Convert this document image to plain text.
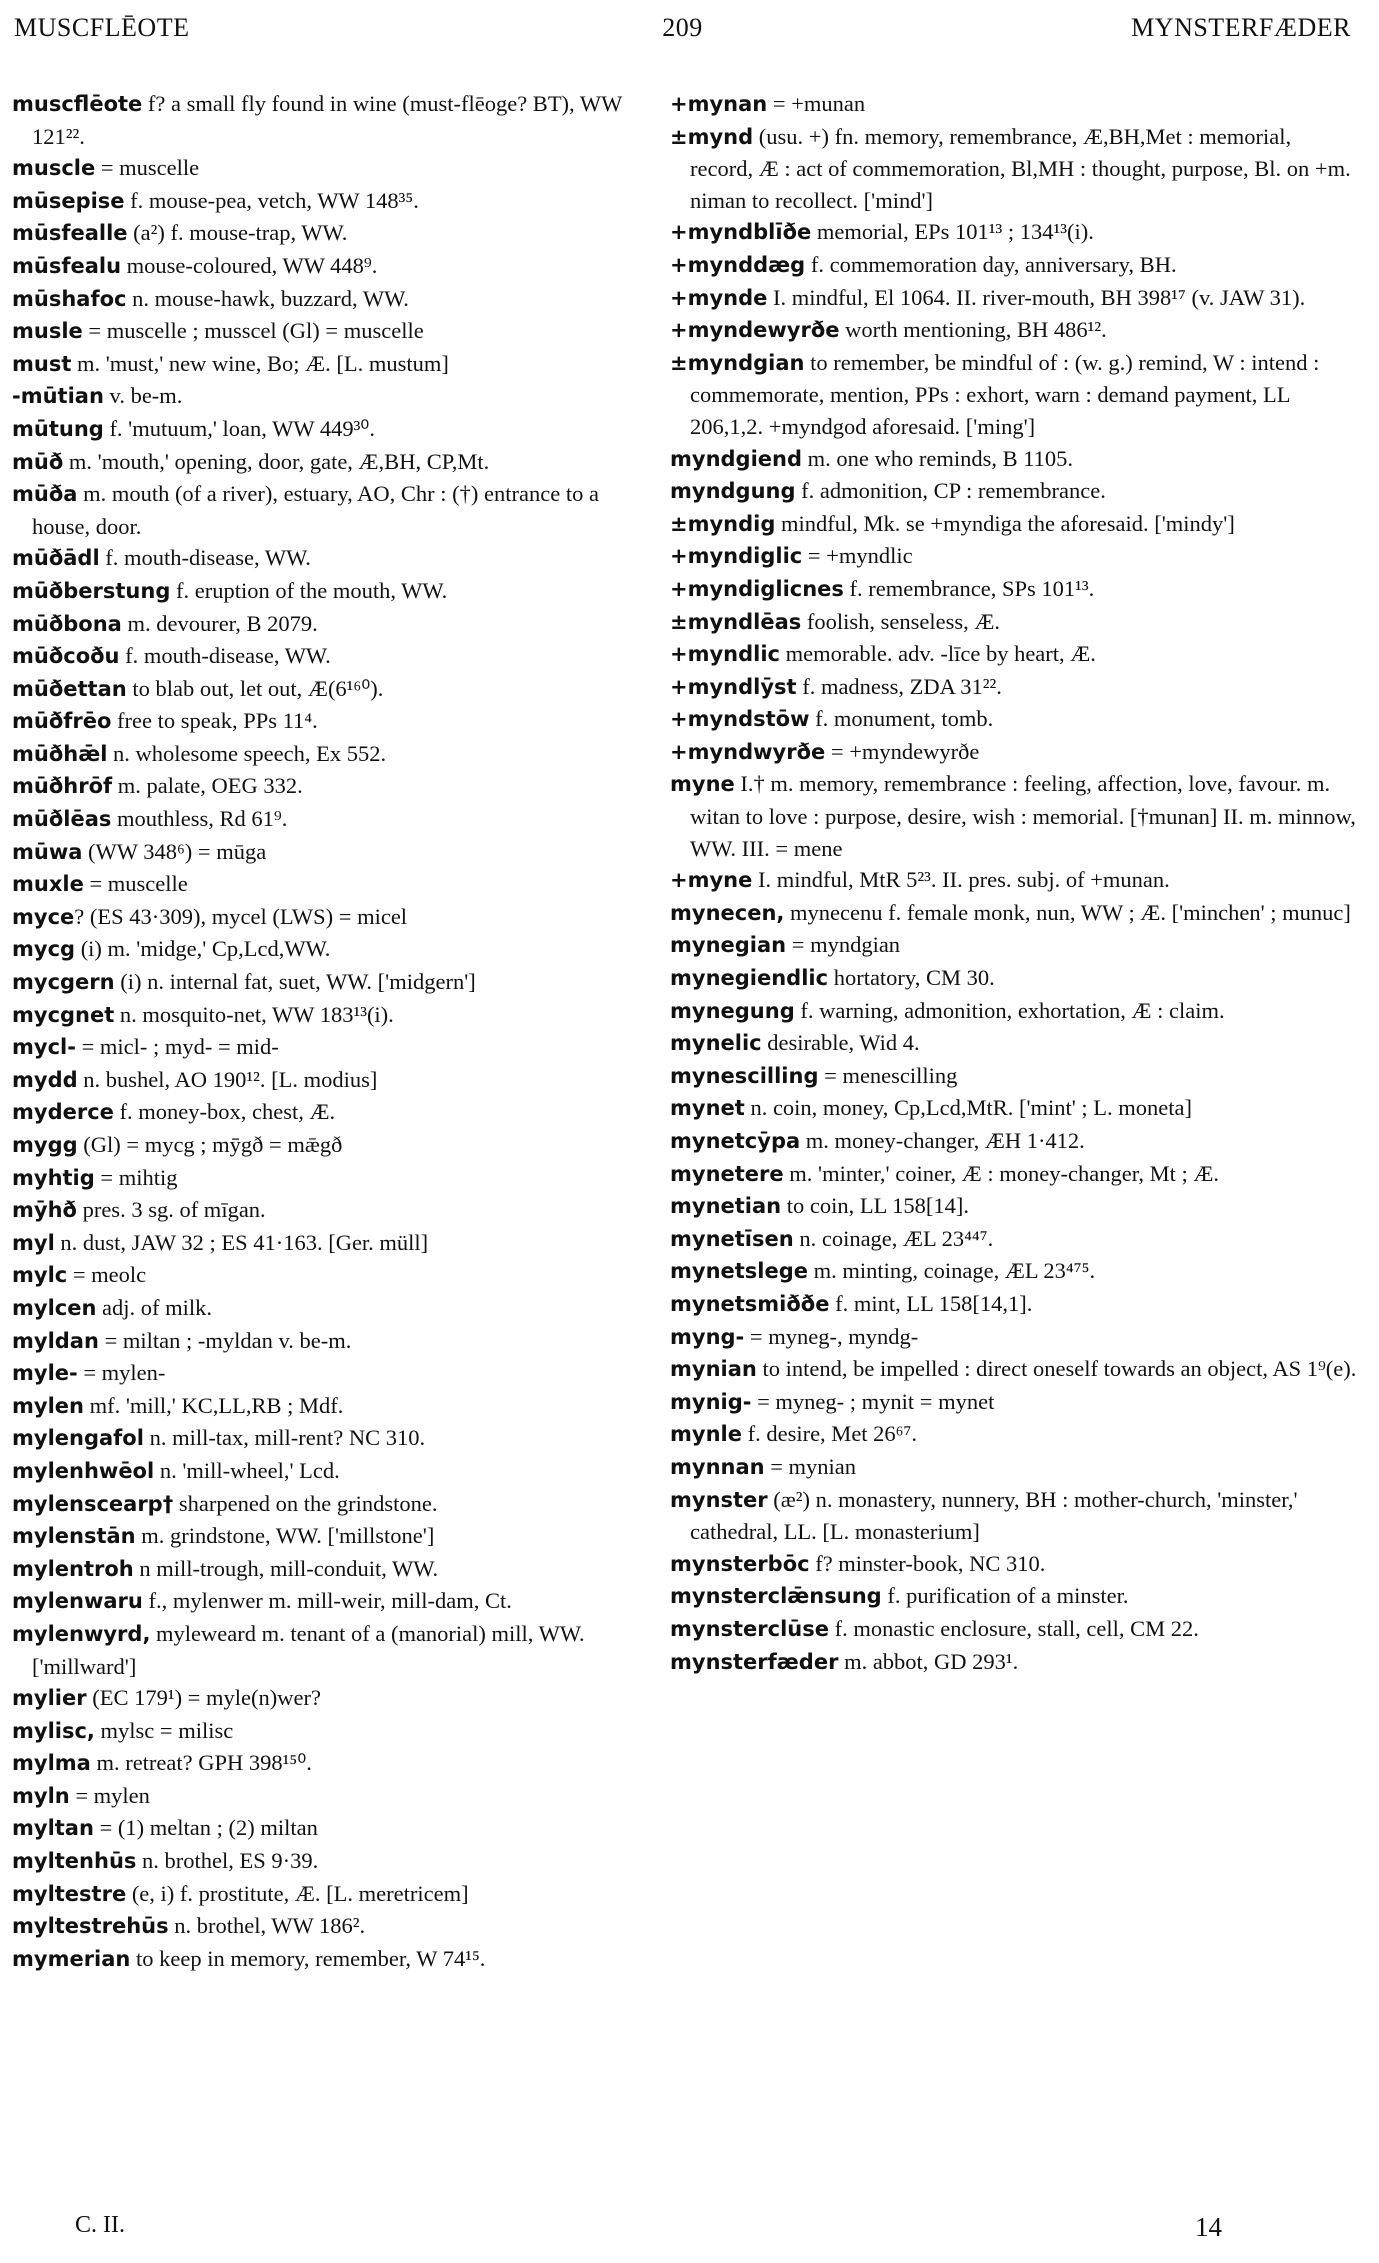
MUSCFLĒOTE	209	MYNSTERFÆDER
muscflēote f? a small fly found in wine (must-flēoge? BT), WW 121²².
muscle = muscelle
mūsepise f. mouse-pea, vetch, WW 148³⁵.
mūsfealle (a²) f. mouse-trap, WW.
mūsfealu mouse-coloured, WW 448⁹.
mūshafoc n. mouse-hawk, buzzard, WW.
musle = muscelle ; musscel (Gl) = muscelle
must m. 'must,' new wine, Bo; Æ. [L. mustum]
-mūtian v. be-m.
mūtung f. 'mutuum,' loan, WW 449³⁰.
mūð m. 'mouth,' opening, door, gate, Æ,BH, CP,Mt.
mūða m. mouth (of a river), estuary, AO, Chr : (†) entrance to a house, door.
mūðādl f. mouth-disease, WW.
mūðberstung f. eruption of the mouth, WW.
mūðbona m. devourer, B 2079.
mūðcoðu f. mouth-disease, WW.
mūðettan to blab out, let out, Æ(6¹⁶⁰).
mūðfrēo free to speak, PPs 11⁴.
mūðhǣl n. wholesome speech, Ex 552.
mūðhrōf m. palate, OEG 332.
mūðlēas mouthless, Rd 61⁹.
mūwa (WW 348⁶) = mūga
muxle = muscelle
myce? (ES 43·309), mycel (LWS) = micel
mycg (i) m. 'midge,' Cp,Lcd,WW.
mycgern (i) n. internal fat, suet, WW. ['midgern']
mycgnet n. mosquito-net, WW 183¹³(i).
mycl- = micl- ; myd- = mid-
mydd n. bushel, AO 190¹². [L. modius]
myderce f. money-box, chest, Æ.
mygg (Gl) = mycg ; mȳgð = mǣgð
myhtig = mihtig
mȳhð pres. 3 sg. of mīgan.
myl n. dust, JAW 32 ; ES 41·163. [Ger. müll]
mylc = meolc
mylcen adj. of milk.
myldan = miltan ; -myldan v. be-m.
myle- = mylen-
mylen mf. 'mill,' KC,LL,RB ; Mdf.
mylengafol n. mill-tax, mill-rent? NC 310.
mylenhwēol n. 'mill-wheel,' Lcd.
mylenscearp† sharpened on the grindstone.
mylenstān m. grindstone, WW. ['millstone']
mylentroh n mill-trough, mill-conduit, WW.
mylenwaru f., mylenwer m. mill-weir, mill-dam, Ct.
mylenwyrd, myleweard m. tenant of a (manorial) mill, WW. ['millward']
mylier (EC 179¹) = myle(n)wer?
mylisc, mylsc = milisc
mylma m. retreat? GPH 398¹⁵⁰.
myln = mylen
myltan = (1) meltan ; (2) miltan
myltenhūs n. brothel, ES 9·39.
myltestre (e, i) f. prostitute, Æ. [L. meretricem]
myltestrehūs n. brothel, WW 186².
mymerian to keep in memory, remember, W 74¹⁵.
+mynan = +munan
±mynd (usu. +) fn. memory, remembrance, Æ,BH,Met : memorial, record, Æ : act of commemoration, Bl,MH : thought, purpose, Bl. on +m. niman to recollect. ['mind']
+myndblīðe memorial, EPs 101¹³ ; 134¹³(i).
+mynddæg f. commemoration day, anniversary, BH.
+mynde I. mindful, El 1064. II. river-mouth, BH 398¹⁷ (v. JAW 31).
+myndewyrðe worth mentioning, BH 486¹².
±myndgian to remember, be mindful of : (w. g.) remind, W : intend : commemorate, mention, PPs : exhort, warn : demand payment, LL 206,1,2. +myndgod aforesaid. ['ming']
myndgiend m. one who reminds, B 1105.
myndgung f. admonition, CP : remembrance.
±myndig mindful, Mk. se +myndiga the aforesaid. ['mindy']
+myndiglic = +myndlic
+myndiglicnes f. remembrance, SPs 101¹³.
±myndlēas foolish, senseless, Æ.
+myndlic memorable. adv. -līce by heart, Æ.
+myndlȳst f. madness, ZDA 31²².
+myndstōw f. monument, tomb.
+myndwyrðe = +myndewyrðe
myne I.† m. memory, remembrance : feeling, affection, love, favour. m. witan to love : purpose, desire, wish : memorial. [†munan] II. m. minnow, WW. III. = mene
+myne I. mindful, MtR 5²³. II. pres. subj. of +munan.
mynecen, mynecenu f. female monk, nun, WW ; Æ. ['minchen' ; munuc]
mynegian = myndgian
mynegiendlic hortatory, CM 30.
mynegung f. warning, admonition, exhortation, Æ : claim.
mynelic desirable, Wid 4.
mynescilling = menescilling
mynet n. coin, money, Cp,Lcd,MtR. ['mint' ; L. moneta]
mynetcȳpa m. money-changer, ÆH 1·412.
mynetere m. 'minter,' coiner, Æ : money-changer, Mt ; Æ.
mynetian to coin, LL 158[14].
mynetīsen n. coinage, ÆL 23⁴⁴⁷.
mynetslege m. minting, coinage, ÆL 23⁴⁷⁵.
mynetsmiððe f. mint, LL 158[14,1].
myng- = myneg-, myndg-
mynian to intend, be impelled : direct oneself towards an object, AS 1⁹(e).
mynig- = myneg- ; mynit = mynet
mynle f. desire, Met 26⁶⁷.
mynnan = mynian
mynster (æ²) n. monastery, nunnery, BH : mother-church, 'minster,' cathedral, LL. [L. monasterium]
mynsterbōc f? minster-book, NC 310.
mynsterclǣnsung f. purification of a minster.
mynsterclūse f. monastic enclosure, stall, cell, CM 22.
mynsterfæder m. abbot, GD 293¹.
C. II.	14
